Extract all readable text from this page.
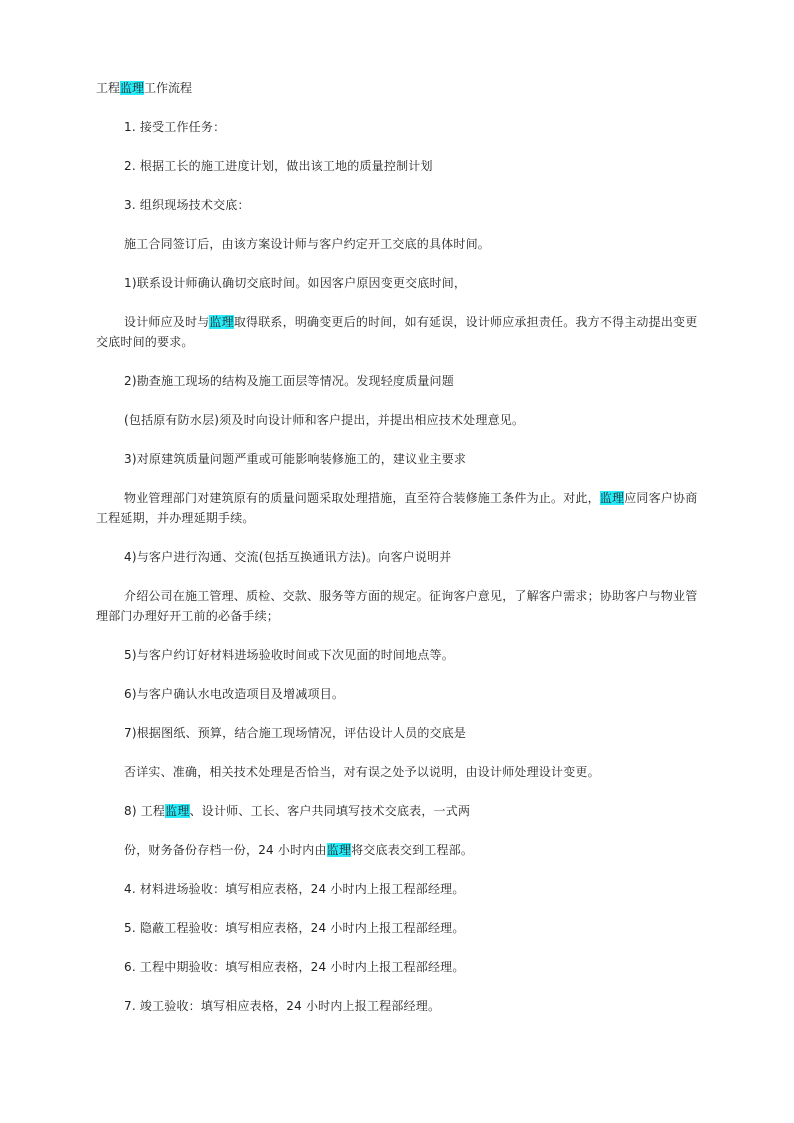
工程监理工作流程

1. 接受工作任务：

2. 根据工长的施工进度计划，做出该工地的质量控制计划

3. 组织现场技术交底：

施工合同签订后，由该方案设计师与客户约定开工交底的具体时间。

1)联系设计师确认确切交底时间。如因客户原因变更交底时间，

设计师应及时与监理取得联系，明确变更后的时间，如有延误，设计师应承担责任。我方不得主动提出变更交底时间的要求。

2)勘查施工现场的结构及施工面层等情况。发现轻度质量问题

(包括原有防水层)须及时向设计师和客户提出，并提出相应技术处理意见。

3)对原建筑质量问题严重或可能影响装修施工的，建议业主要求

物业管理部门对建筑原有的质量问题采取处理措施，直至符合装修施工条件为止。对此，监理应同客户协商工程延期，并办理延期手续。

4)与客户进行沟通、交流(包括互换通讯方法)。向客户说明并

介绍公司在施工管理、质检、交款、服务等方面的规定。征询客户意见，了解客户需求；协助客户与物业管理部门办理好开工前的必备手续；

5)与客户约订好材料进场验收时间或下次见面的时间地点等。

6)与客户确认水电改造项目及增减项目。

7)根据图纸、预算，结合施工现场情况，评估设计人员的交底是

否详实、准确，相关技术处理是否恰当，对有误之处予以说明，由设计师处理设计变更。

8) 工程监理、设计师、工长、客户共同填写技术交底表，一式两

份，财务备份存档一份，24 小时内由监理将交底表交到工程部。

4. 材料进场验收：填写相应表格，24 小时内上报工程部经理。

5. 隐蔽工程验收：填写相应表格，24 小时内上报工程部经理。

6. 工程中期验收：填写相应表格，24 小时内上报工程部经理。

7. 竣工验收：填写相应表格，24 小时内上报工程部经理。
